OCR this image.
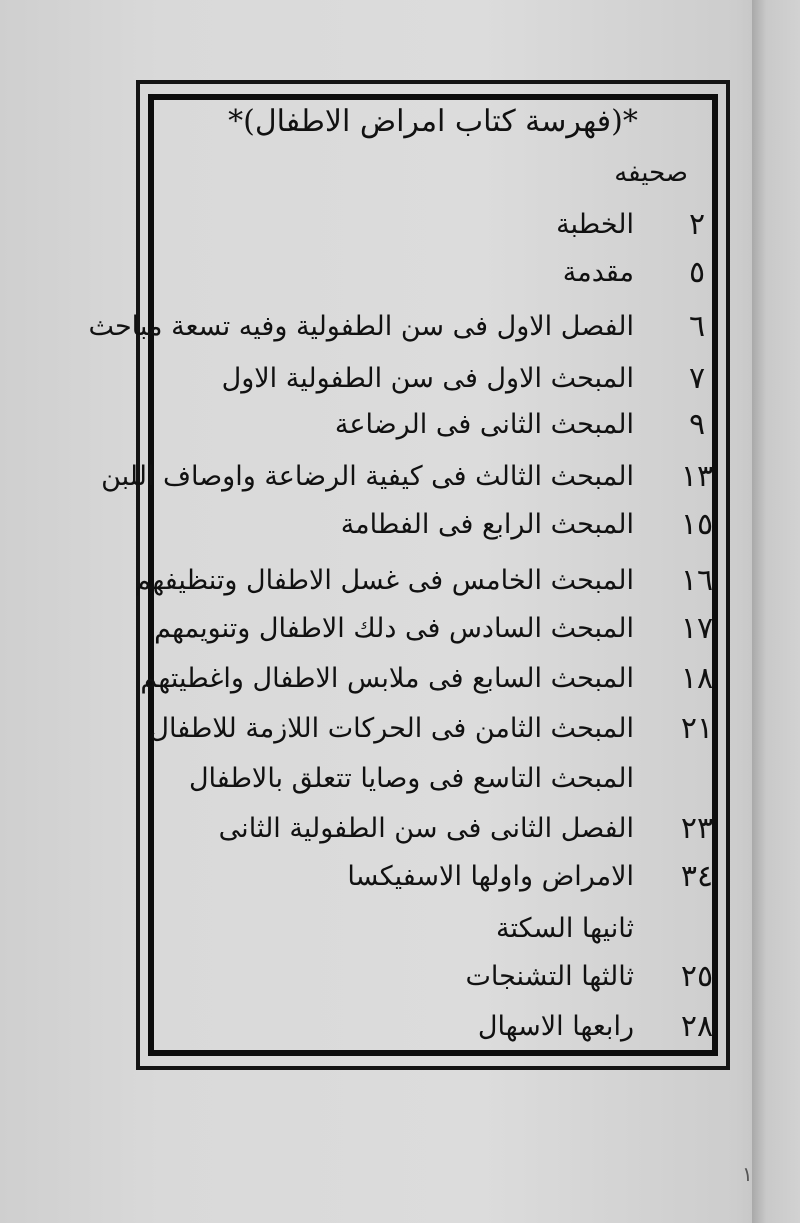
*(فهرسة كتاب امراض الاطفال)*
صحيفه
٢
الخطبة
٥
مقدمة
٦
الفصل الاول فى سن الطفولية وفيه تسعة مباحث
٧
المبحث الاول فى سن الطفولية الاول
٩
المبحث الثانى فى الرضاعة
١٣
المبحث الثالث فى كيفية الرضاعة واوصاف اللبن
١٥
المبحث الرابع فى الفطامة
١٦
المبحث الخامس فى غسل الاطفال وتنظيفهم
١٧
المبحث السادس فى دلك الاطفال وتنويمهم
١٨
المبحث السابع فى ملابس الاطفال واغطيتهم
٢١
المبحث الثامن فى الحركات اللازمة للاطفال
المبحث التاسع فى وصايا تتعلق بالاطفال
٢٣
الفصل الثانى فى سن الطفولية الثانى
٣٤
الامراض واولها الاسفيكسا
ثانيها السكتة
٢٥
ثالثها التشنجات
٢٨
رابعها الاسهال
١
